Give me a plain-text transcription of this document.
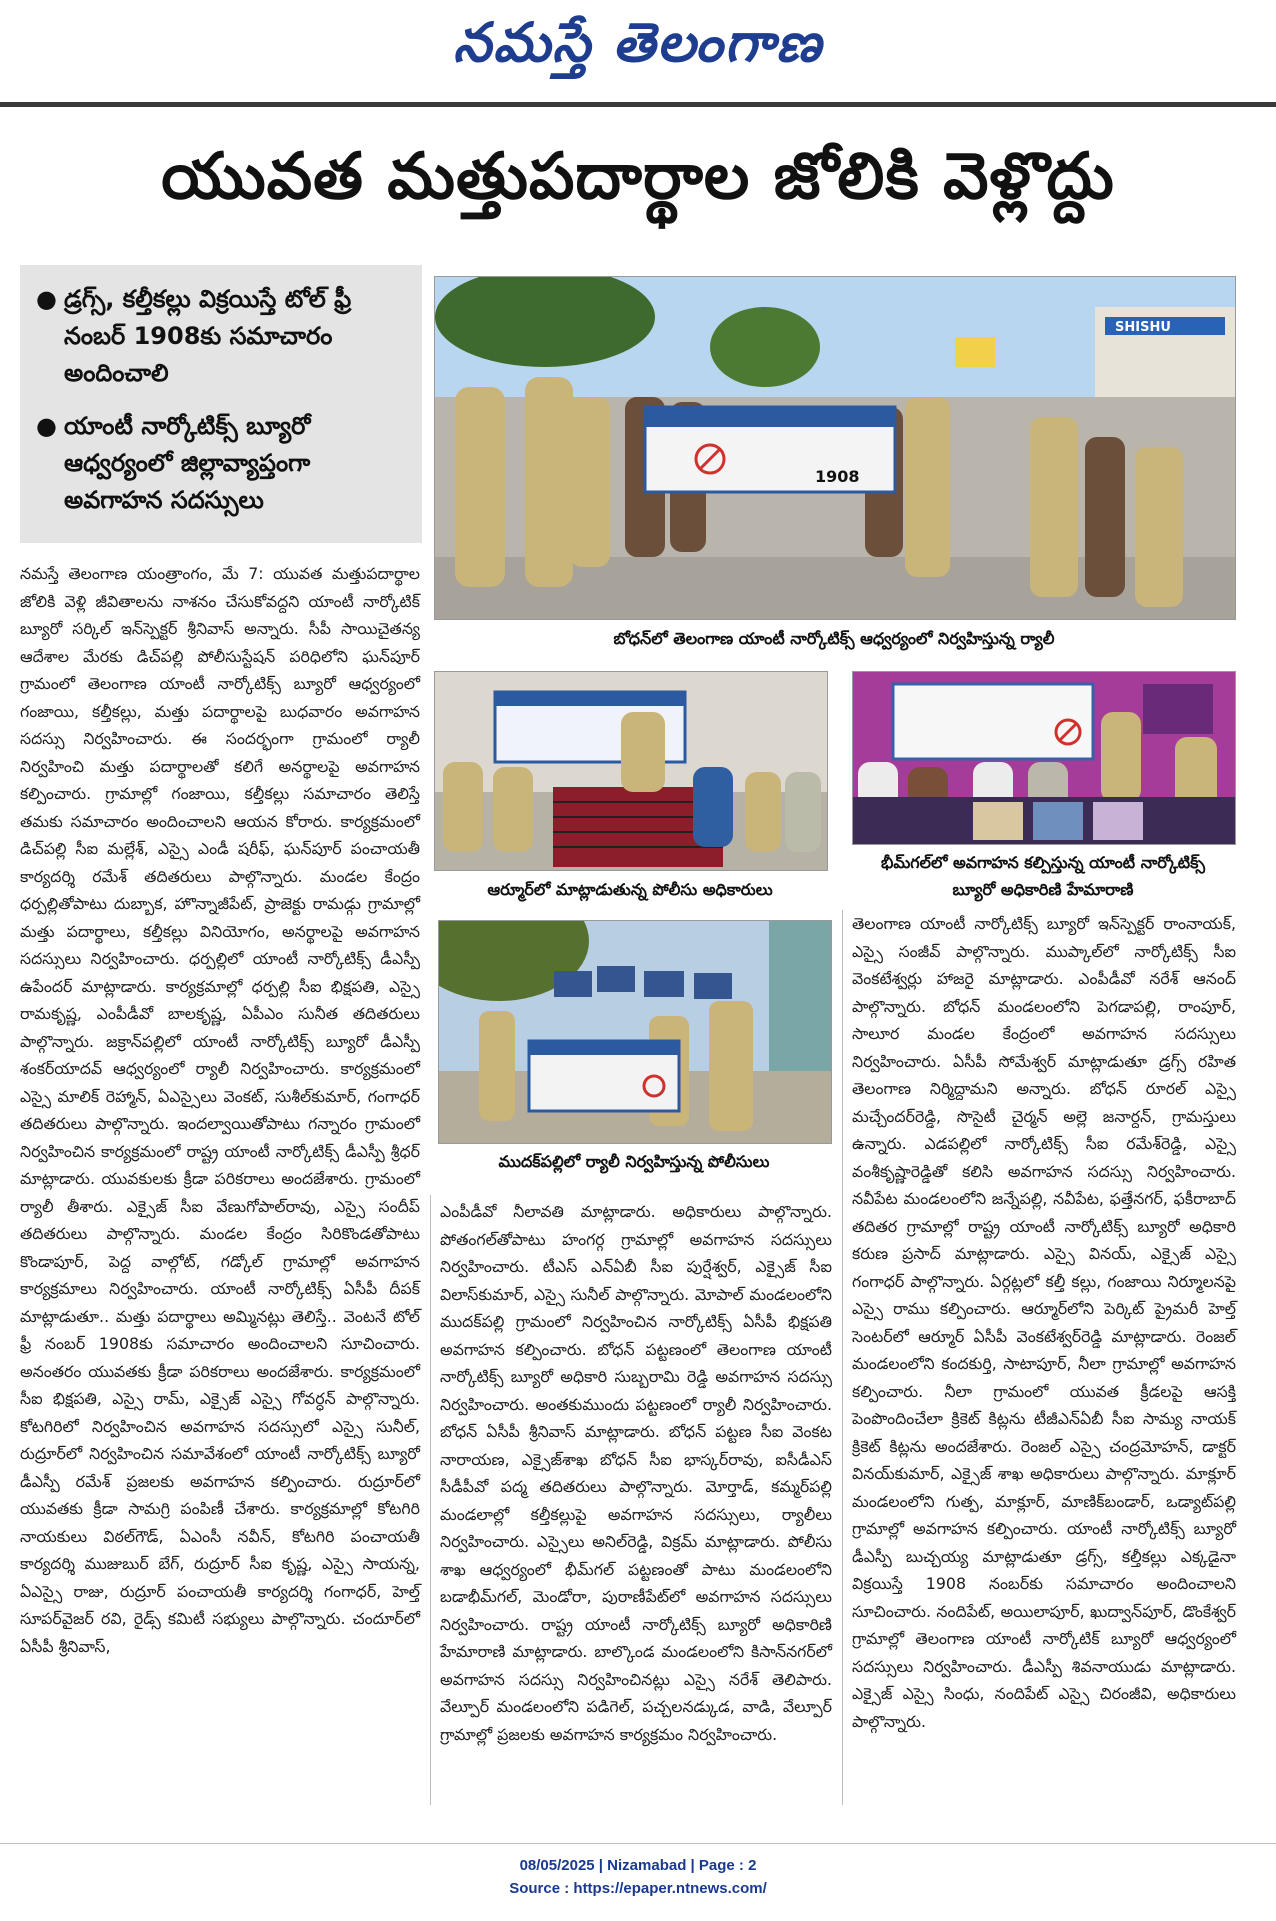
నమస్తే తెలంగాణ
యువత మత్తుపదార్థాల జోలికి వెళ్లొద్దు
● డ్రగ్స్, కల్తీకల్లు విక్రయిస్తే టోల్ ఫ్రీ నంబర్ 1908కు సమాచారం అందించాలి
● యాంటీ నార్కోటిక్స్ బ్యూరో ఆధ్వర్యంలో జిల్లావ్యాప్తంగా అవగాహన సదస్సులు
SHISHU
1908
బోధన్‌లో తెలంగాణ యాంటీ నార్కోటిక్స్ ఆధ్వర్యంలో నిర్వహిస్తున్న ర్యాలీ
ఆర్మూర్‌లో మాట్లాడుతున్న పోలీసు అధికారులు
భీమ్‌గల్‌లో అవగాహన కల్పిస్తున్న యాంటీ నార్కోటిక్స్
బ్యూరో అధికారిణి హేమారాణి
ముదక్‌పల్లిలో ర్యాలీ నిర్వహిస్తున్న పోలీసులు

నమస్తే తెలంగాణ యంత్రాంగం, మే 7: యువత మత్తుపదార్థాల జోలికి వెళ్లి జీవితాలను నాశనం చేసుకోవద్దని యాంటీ నార్కోటిక్ బ్యూరో సర్కిల్ ఇన్‌స్పెక్టర్ శ్రీనివాస్ అన్నారు. సీపీ సాయిచైతన్య ఆదేశాల మేరకు డిచ్‌పల్లి పోలీసుస్టేషన్ పరిధిలోని ఘన్‌పూర్ గ్రామంలో తెలంగాణ యాంటీ నార్కోటిక్స్ బ్యూరో ఆధ్వర్యంలో గంజాయి, కల్తీకల్లు, మత్తు పదార్థాలపై బుధవారం అవగాహన సదస్సు నిర్వహించారు. ఈ సందర్భంగా గ్రామంలో ర్యాలీ నిర్వహించి మత్తు పదార్థాలతో కలిగే అనర్థాలపై అవగాహన కల్పించారు. గ్రామాల్లో గంజాయి, కల్తీకల్లు సమాచారం తెలిస్తే తమకు సమాచారం అందించాలని ఆయన కోరారు. కార్యక్రమంలో డిచ్‌పల్లి సీఐ మల్లేశ్, ఎస్సై ఎండీ షరీఫ్, ఘన్‌పూర్ పంచాయతీ కార్యదర్శి రమేశ్ తదితరులు పాల్గొన్నారు. మండల కేంద్రం ధర్పల్లితోపాటు దుబ్బాక, హొన్నాజీపేట్, ప్రాజెక్టు రామడ్గు గ్రామాల్లో మత్తు పదార్థాలు, కల్తీకల్లు వినియోగం, అనర్థాలపై అవగాహన సదస్సులు నిర్వహించారు. ధర్పల్లిలో యాంటీ నార్కోటిక్స్ డీఎస్పీ ఉపేందర్ మాట్లాడారు. కార్యక్రమాల్లో ధర్పల్లి సీఐ భిక్షపతి, ఎస్సై రామకృష్ణ, ఎంపీడీవో బాలకృష్ణ, ఏపీఎం సునీత తదితరులు పాల్గొన్నారు. జక్రాన్‌పల్లిలో యాంటీ నార్కోటిక్స్ బ్యూరో డీఎస్పీ శంకర్‌యాదవ్ ఆధ్వర్యంలో ర్యాలీ నిర్వహించారు. కార్యక్రమంలో ఎస్సై మాలిక్ రెహ్మాన్, ఏఎస్సైలు వెంకట్, సుశీల్‌కుమార్, గంగాధర్ తదితరులు పాల్గొన్నారు. ఇందల్వాయితోపాటు గన్నారం గ్రామంలో నిర్వహించిన కార్యక్రమంలో రాష్ట్ర యాంటీ నార్కోటిక్స్ డీఎస్పీ శ్రీధర్ మాట్లాడారు. యువకులకు క్రీడా పరికరాలు అందజేశారు. గ్రామంలో ర్యాలీ తీశారు. ఎక్సైజ్ సీఐ వేణుగోపాల్‌రావు, ఎస్సై సందీప్ తదితరులు పాల్గొన్నారు. మండల కేంద్రం సిరికొండతోపాటు కొండాపూర్, పెద్ద వాల్గోట్, గడ్కోల్ గ్రామాల్లో అవగాహన కార్యక్రమాలు నిర్వహించారు. యాంటీ నార్కోటిక్స్ ఏసీపీ దీపక్ మాట్లాడుతూ.. మత్తు పదార్థాలు అమ్మినట్లు తెలిస్తే.. వెంటనే టోల్ ఫ్రీ నంబర్ 1908కు సమాచారం అందించాలని సూచించారు. అనంతరం యువతకు క్రీడా పరికరాలు అందజేశారు. కార్యక్రమంలో సీఐ భిక్షపతి, ఎస్సై రామ్, ఎక్సైజ్ ఎస్సై గోవర్ధన్ పాల్గొన్నారు. కోటగిరిలో నిర్వహించిన అవగాహన సదస్సులో ఎస్సై సునీల్, రుద్రూర్‌లో నిర్వహించిన సమావేశంలో యాంటీ నార్కోటిక్స్ బ్యూరో డీఎస్పీ రమేశ్ ప్రజలకు అవగాహన కల్పించారు. రుద్రూర్‌లో యువతకు క్రీడా సామగ్రి పంపిణీ చేశారు. కార్యక్రమాల్లో కోటగిరి నాయకులు విఠల్‌గౌడ్, ఏఎంసీ నవీన్, కోటగిరి పంచాయతీ కార్యదర్శి ముజుబుర్ బేగ్, రుద్రూర్ సీఐ కృష్ణ, ఎస్సై సాయన్న, ఏఎస్సై రాజు, రుద్రూర్ పంచాయతీ కార్యదర్శి గంగాధర్, హెల్త్ సూపర్‌వైజర్ రవి, రైడ్స్ కమిటీ సభ్యులు పాల్గొన్నారు. చందూర్‌లో ఏసీపీ శ్రీనివాస్,

ఎంపీడీవో నీలావతి మాట్లాడారు. అధికారులు పాల్గొన్నారు. పోతంగల్‌తోపాటు హంగర్గ గ్రామాల్లో అవగాహన సదస్సులు నిర్వహించారు. టీఎస్ ఎన్‌ఏబీ సీఐ పుర్షేశ్వర్, ఎక్సైజ్ సీఐ విలాస్‌కుమార్, ఎస్సై సునీల్ పాల్గొన్నారు. మోపాల్ మండలంలోని ముదక్‌పల్లి గ్రామంలో నిర్వహించిన నార్కోటిక్స్ ఏసీపీ భిక్షపతి అవగాహన కల్పించారు. బోధన్ పట్టణంలో తెలంగాణ యాంటీ నార్కోటిక్స్ బ్యూరో అధికారి సుబ్బరామి రెడ్డి అవగాహన సదస్సు నిర్వహించారు. అంతకుముందు పట్టణంలో ర్యాలీ నిర్వహించారు. బోధన్ ఏసీపీ శ్రీనివాస్ మాట్లాడారు. బోధన్ పట్టణ సీఐ వెంకట నారాయణ, ఎక్సైజ్‌శాఖ బోధన్ సీఐ భాస్కర్‌రావు, ఐసీడీఎస్ సీడీపీవో పద్మ తదితరులు పాల్గొన్నారు. మోర్తాడ్, కమ్మర్‌పల్లి మండలాల్లో కల్తీకల్లుపై అవగాహన సదస్సులు, ర్యాలీలు నిర్వహించారు. ఎస్సైలు అనిల్‌రెడ్డి, విక్రమ్ మాట్లాడారు. పోలీసు శాఖ ఆధ్వర్యంలో భీమ్‌గల్ పట్టణంతో పాటు మండలంలోని బడాభీమ్‌గల్, మెండోరా, పురాణీపేట్‌లో అవగాహన సదస్సులు నిర్వహించారు. రాష్ట్ర యాంటీ నార్కోటిక్స్ బ్యూరో అధికారిణి హేమారాణి మాట్లాడారు. బాల్కొండ మండలంలోని కిసాన్‌నగర్‌లో అవగాహన సదస్సు నిర్వహించినట్లు ఎస్సై నరేశ్ తెలిపారు. వేల్పూర్ మండలంలోని పడిగెల్, పచ్చలనడ్కుడ, వాడి, వేల్పూర్ గ్రామాల్లో ప్రజలకు అవగాహన కార్యక్రమం నిర్వహించారు.

తెలంగాణ యాంటీ నార్కోటిక్స్ బ్యూరో ఇన్‌స్పెక్టర్ రాంనాయక్, ఎస్సై సంజీవ్ పాల్గొన్నారు. ముప్కాల్‌లో నార్కోటిక్స్ సీఐ వెంకటేశ్వర్లు హాజరై మాట్లాడారు. ఎంపీడీవో నరేశ్ ఆనంద్ పాల్గొన్నారు. బోధన్ మండలంలోని పెగడాపల్లి, రాంపూర్, సాలూర మండల కేంద్రంలో అవగాహన సదస్సులు నిర్వహించారు. ఏసీపీ సోమేశ్వర్ మాట్లాడుతూ డ్రగ్స్ రహిత తెలంగాణ నిర్మిద్దామని అన్నారు. బోధన్ రూరల్ ఎస్సై మచ్చేందర్‌రెడ్డి, సొసైటీ చైర్మన్ అల్లె జనార్దన్, గ్రామస్తులు ఉన్నారు. ఎడపల్లిలో నార్కోటిక్స్ సీఐ రమేశ్‌రెడ్డి, ఎస్సై వంశీకృష్ణారెడ్డితో కలిసి అవగాహన సదస్సు నిర్వహించారు. నవీపేట మండలంలోని జన్నేపల్లి, నవీపేట, ఫత్తేనగర్, ఫకీరాబాద్ తదితర గ్రామాల్లో రాష్ట్ర యాంటీ నార్కోటిక్స్ బ్యూరో అధికారి కరుణ ప్రసాద్ మాట్లాడారు. ఎస్సై వినయ్, ఎక్సైజ్ ఎస్సై గంగాధర్ పాల్గొన్నారు. ఏర్గట్లలో కల్తీ కల్లు, గంజాయి నిర్మూలనపై ఎస్సై రాము కల్పించారు. ఆర్మూర్‌లోని పెర్కిట్ ప్రైమరీ హెల్త్ సెంటర్‌లో ఆర్మూర్ ఏసీపీ వెంకటేశ్వర్‌రెడ్డి మాట్లాడారు. రెంజల్ మండలంలోని కందకుర్తి, సాటాపూర్, నీలా గ్రామాల్లో అవగాహన కల్పించారు. నీలా గ్రామంలో యువత క్రీడలపై ఆసక్తి పెంపొందించేలా క్రికెట్ కిట్లను టీజీఎన్‌ఏబీ సీఐ సామ్య నాయక్ క్రికెట్ కిట్లను అందజేశారు. రెంజల్ ఎస్సై చంద్రమోహన్, డాక్టర్ వినయ్‌కుమార్, ఎక్సైజ్ శాఖ అధికారులు పాల్గొన్నారు. మాక్లూర్ మండలంలోని గుత్ప, మాక్లూర్, మాణిక్‌బండార్, ఒడ్యాట్‌పల్లి గ్రామాల్లో అవగాహన కల్పించారు. యాంటీ నార్కోటిక్స్ బ్యూరో డీఎస్పీ బుచ్చయ్య మాట్లాడుతూ డ్రగ్స్, కల్తీకల్లు ఎక్కడైనా విక్రయిస్తే 1908 నంబర్‌కు సమాచారం అందించాలని సూచించారు. నందిపేట్, అయిలాపూర్, ఖుద్వాన్‌పూర్, డొంకేశ్వర్ గ్రామాల్లో తెలంగాణ యాంటీ నార్కోటిక్ బ్యూరో ఆధ్వర్యంలో సదస్సులు నిర్వహించారు. డీఎస్పీ శివనాయుడు మాట్లాడారు. ఎక్సైజ్ ఎస్సై సింధు, నందిపేట్ ఎస్సై చిరంజీవి, అధికారులు పాల్గొన్నారు.

08/05/2025 | Nizamabad | Page : 2
Source : https://epaper.ntnews.com/
